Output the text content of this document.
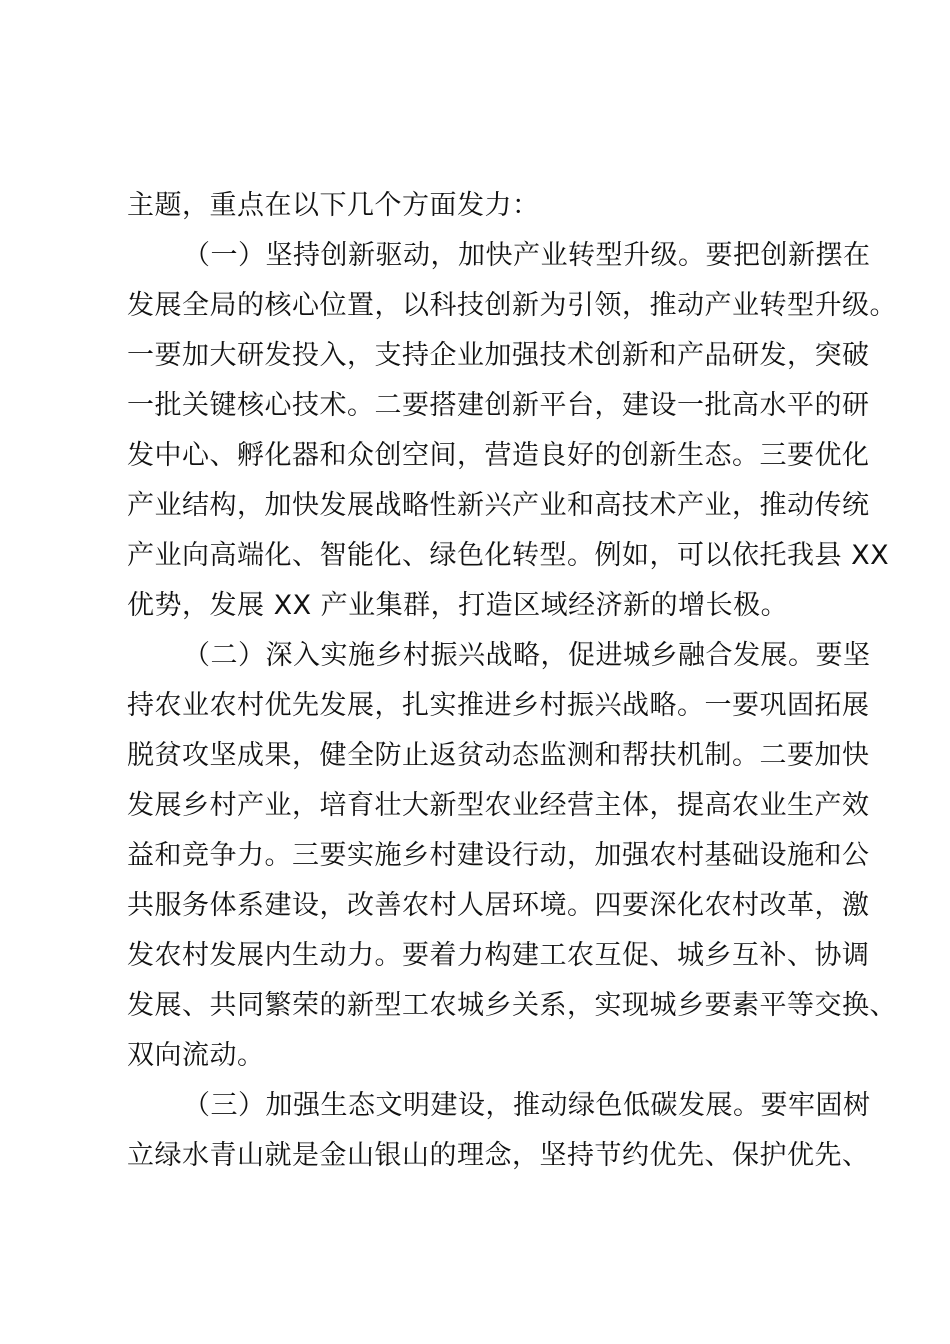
主题，重点在以下几个方面发力：
（一）坚持创新驱动，加快产业转型升级。要把创新摆在
发展全局的核心位置，以科技创新为引领，推动产业转型升级。
一要加大研发投入，支持企业加强技术创新和产品研发，突破
一批关键核心技术。二要搭建创新平台，建设一批高水平的研
发中心、孵化器和众创空间，营造良好的创新生态。三要优化
产业结构，加快发展战略性新兴产业和高技术产业，推动传统
产业向高端化、智能化、绿色化转型。例如，可以依托我县 XX
优势，发展 XX 产业集群，打造区域经济新的增长极。
（二）深入实施乡村振兴战略，促进城乡融合发展。要坚
持农业农村优先发展，扎实推进乡村振兴战略。一要巩固拓展
脱贫攻坚成果，健全防止返贫动态监测和帮扶机制。二要加快
发展乡村产业，培育壮大新型农业经营主体，提高农业生产效
益和竞争力。三要实施乡村建设行动，加强农村基础设施和公
共服务体系建设，改善农村人居环境。四要深化农村改革，激
发农村发展内生动力。要着力构建工农互促、城乡互补、协调
发展、共同繁荣的新型工农城乡关系，实现城乡要素平等交换、
双向流动。
（三）加强生态文明建设，推动绿色低碳发展。要牢固树
立绿水青山就是金山银山的理念，坚持节约优先、保护优先、
